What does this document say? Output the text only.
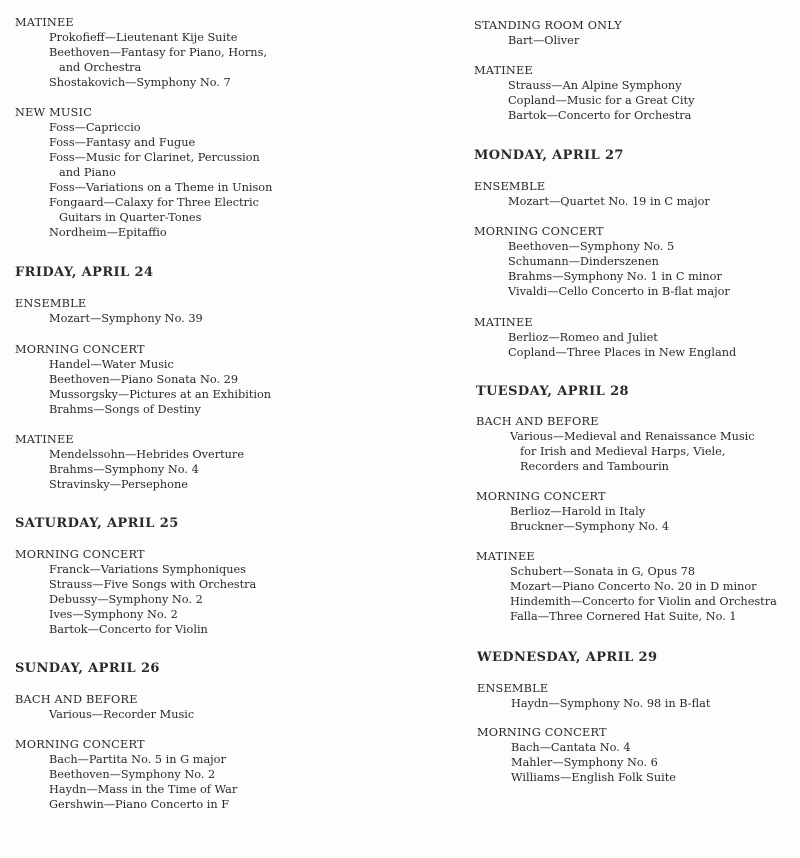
MATINEE
Prokofieff—Lieutenant Kije Suite
Beethoven—Fantasy for Piano, Horns,
and Orchestra
Shostakovich—Symphony No. 7
NEW MUSIC
Foss—Capriccio
Foss—Fantasy and Fugue
Foss—Music for Clarinet, Percussion
and Piano
Foss—Variations on a Theme in Unison
Fongaard—Calaxy for Three Electric
Guitars in Quarter-Tones
Nordheim—Epitaffio
FRIDAY, APRIL 24
ENSEMBLE
Mozart—Symphony No. 39
MORNING CONCERT
Handel—Water Music
Beethoven—Piano Sonata No. 29
Mussorgsky—Pictures at an Exhibition
Brahms—Songs of Destiny
MATINEE
Mendelssohn—Hebrides Overture
Brahms—Symphony No. 4
Stravinsky—Persephone
SATURDAY, APRIL 25
MORNING CONCERT
Franck—Variations Symphoniques
Strauss—Five Songs with Orchestra
Debussy—Symphony No. 2
Ives—Symphony No. 2
Bartok—Concerto for Violin
SUNDAY, APRIL 26
BACH AND BEFORE
Various—Recorder Music
MORNING CONCERT
Bach—Partita No. 5 in G major
Beethoven—Symphony No. 2
Haydn—Mass in the Time of War
Gershwin—Piano Concerto in F
STANDING ROOM ONLY
Bart—Oliver
MATINEE
Strauss—An Alpine Symphony
Copland—Music for a Great City
Bartok—Concerto for Orchestra
MONDAY, APRIL 27
ENSEMBLE
Mozart—Quartet No. 19 in C major
MORNING CONCERT
Beethoven—Symphony No. 5
Schumann—Dinderszenen
Brahms—Symphony No. 1 in C minor
Vivaldi—Cello Concerto in B-flat major
MATINEE
Berlioz—Romeo and Juliet
Copland—Three Places in New England
TUESDAY, APRIL 28
BACH AND BEFORE
Various—Medieval and Renaissance Music
for Irish and Medieval Harps, Viele,
Recorders and Tambourin
MORNING CONCERT
Berlioz—Harold in Italy
Bruckner—Symphony No. 4
MATINEE
Schubert—Sonata in G, Opus 78
Mozart—Piano Concerto No. 20 in D minor
Hindemith—Concerto for Violin and Orchestra
Falla—Three Cornered Hat Suite, No. 1
WEDNESDAY, APRIL 29
ENSEMBLE
Haydn—Symphony No. 98 in B-flat
MORNING CONCERT
Bach—Cantata No. 4
Mahler—Symphony No. 6
Williams—English Folk Suite
